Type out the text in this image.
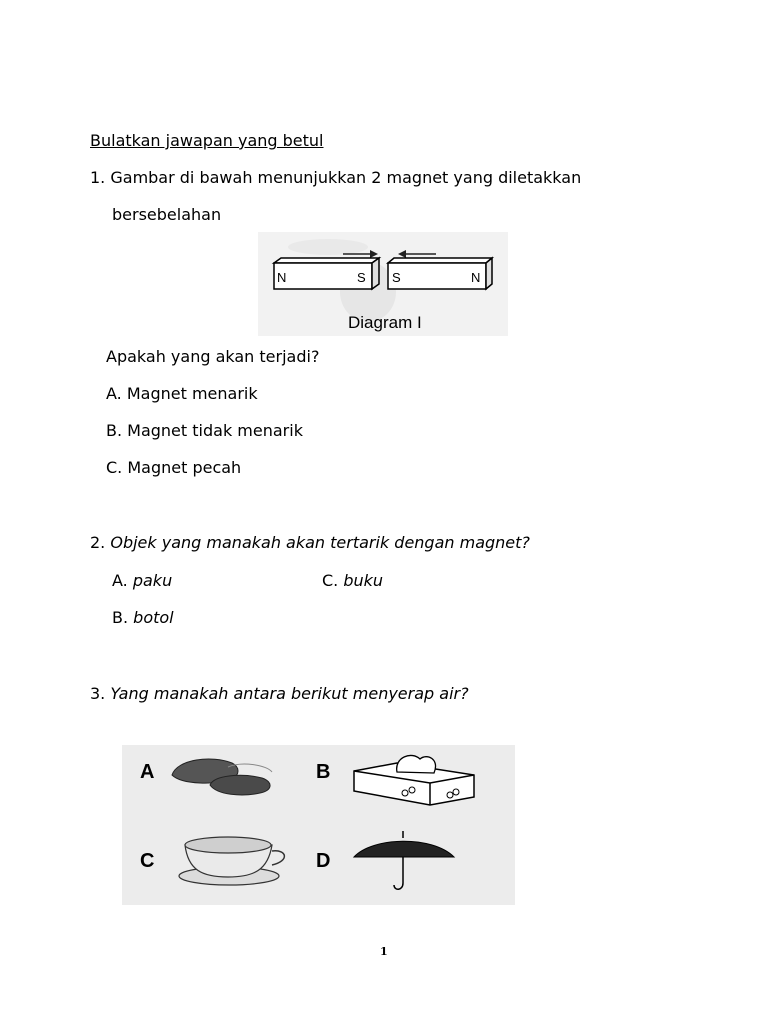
Bulatkan jawapan yang betul
1. Gambar di bawah menunjukkan 2 magnet yang diletakkan
bersebelahan
N	S S	N
Diagram I
Apakah yang akan terjadi?
A. Magnet menarik
B. Magnet tidak menarik
C. Magnet pecah
2. Objek yang manakah akan tertarik dengan magnet?
A. paku	C. buku
B. botol
3. Yang manakah antara berikut menyerap air?
A	B
C	D
1
